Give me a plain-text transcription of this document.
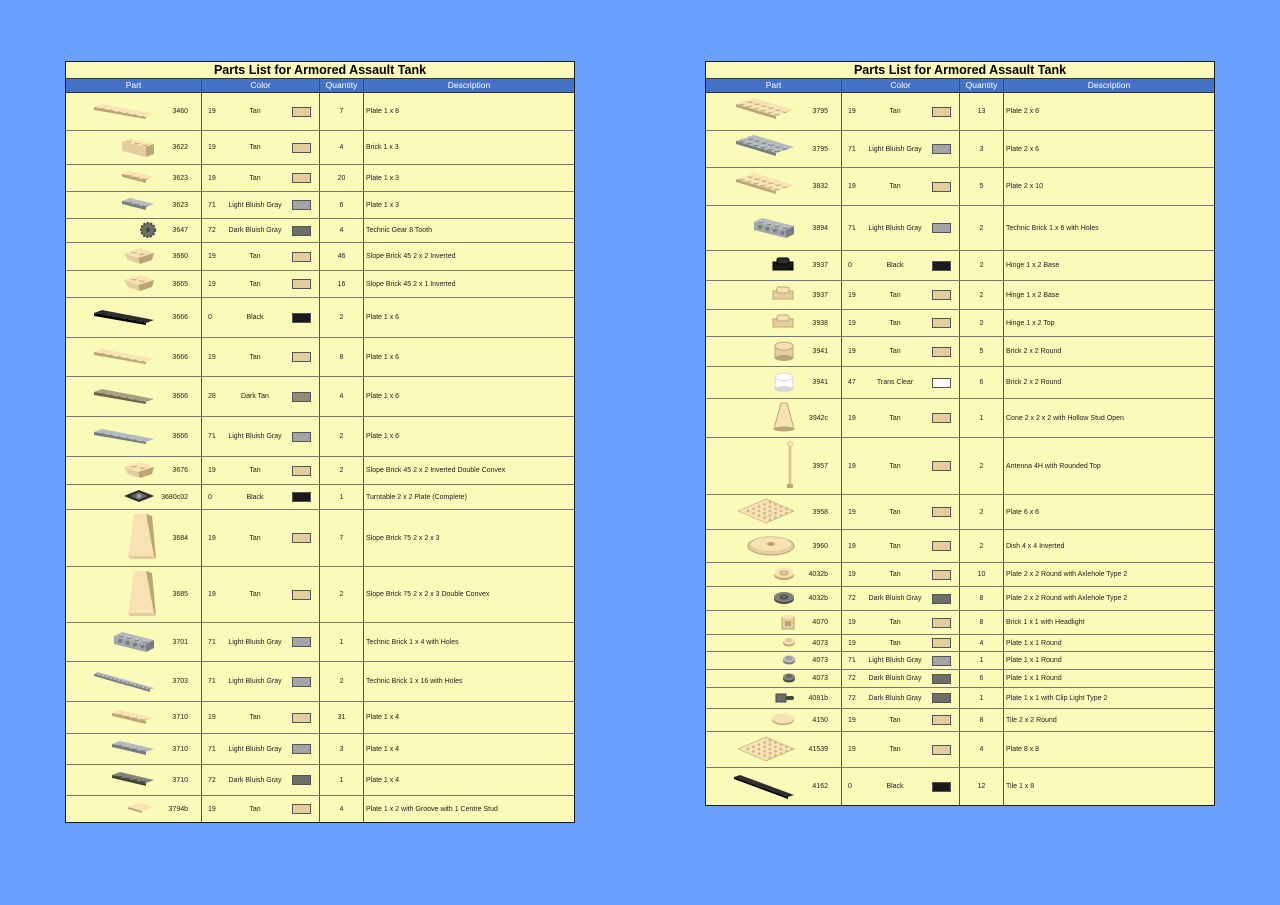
Parts List for Armored Assault Tank
Part	Color	Quantity	Description
3460	19	Tan	7	Plate 1 x 8
3622	19	Tan	4	Brick 1 x 3
3623	19	Tan	20	Plate 1 x 3
3623	71	Light Bluish Gray	6	Plate 1 x 3
3647	72	Dark Bluish Gray	4	Technic Gear 8 Tooth
3660	19	Tan	46	Slope Brick 45 2 x 2 Inverted
3665	19	Tan	16	Slope Brick 45 2 x 1 Inverted
3666	0	Black	2	Plate 1 x 6
3666	19	Tan	8	Plate 1 x 6
3666	28	Dark Tan	4	Plate 1 x 6
3666	71	Light Bluish Gray	2	Plate 1 x 6
3676	19	Tan	2	Slope Brick 45 2 x 2 Inverted Double Convex
3680c02	0	Black	1	Turntable 2 x 2 Plate (Complete)
3684	19	Tan	7	Slope Brick 75 2 x 2 x 3
3685	19	Tan	2	Slope Brick 75 2 x 2 x 3 Double Convex
3701	71	Light Bluish Gray	1	Technic Brick 1 x 4 with Holes
3703	71	Light Bluish Gray	2	Technic Brick 1 x 16 with Holes
3710	19	Tan	31	Plate 1 x 4
3710	71	Light Bluish Gray	3	Plate 1 x 4
3710	72	Dark Bluish Gray	1	Plate 1 x 4
3794b	19	Tan	4	Plate 1 x 2 with Groove with 1 Centre Stud
Parts List for Armored Assault Tank
Part	Color	Quantity	Description
3795	19	Tan	13	Plate 2 x 6
3795	71	Light Bluish Gray	3	Plate 2 x 6
3832	19	Tan	5	Plate 2 x 10
3894	71	Light Bluish Gray	2	Technic Brick 1 x 6 with Holes
3937	0	Black	2	Hinge 1 x 2 Base
3937	19	Tan	2	Hinge 1 x 2 Base
3938	19	Tan	2	Hinge 1 x 2 Top
3941	19	Tan	5	Brick 2 x 2 Round
3941	47	Trans Clear	6	Brick 2 x 2 Round
3942c	19	Tan	1	Cone 2 x 2 x 2 with Hollow Stud Open
3957	19	Tan	2	Antenna 4H with Rounded Top
3958	19	Tan	2	Plate 6 x 6
3960	19	Tan	2	Dish 4 x 4 Inverted
4032b	19	Tan	10	Plate 2 x 2 Round with Axlehole Type 2
4032b	72	Dark Bluish Gray	8	Plate 2 x 2 Round with Axlehole Type 2
4070	19	Tan	8	Brick 1 x 1 with Headlight
4073	19	Tan	4	Plate 1 x 1 Round
4073	71	Light Bluish Gray	1	Plate 1 x 1 Round
4073	72	Dark Bluish Gray	6	Plate 1 x 1 Round
4081b	72	Dark Bluish Gray	1	Plate 1 x 1 with Clip Light Type 2
4150	19	Tan	8	Tile 2 x 2 Round
41539	19	Tan	4	Plate 8 x 8
4162	0	Black	12	Tile 1 x 8
